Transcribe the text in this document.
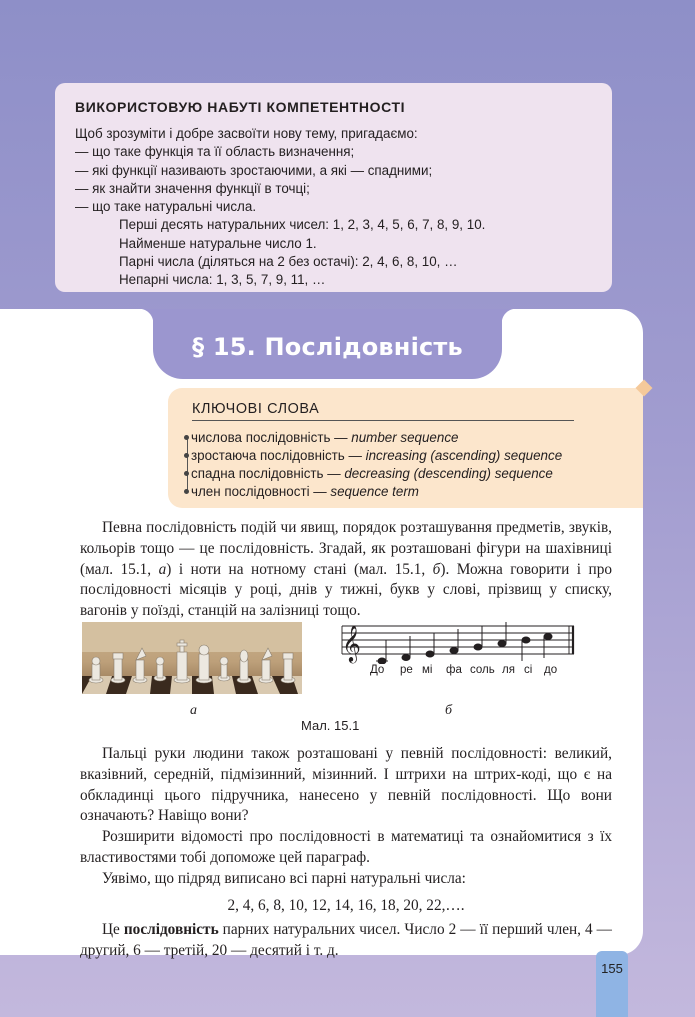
ВИКОРИСТОВУЮ НАБУТІ КОМПЕТЕНТНОСТІ

Щоб зрозуміти і добре засвоїти нову тему, пригадаємо:

— що таке функція та її область визначення;

— які функції називають зростаючими, а які — спадними;

— як знайти значення функції в точці;

— що таке натуральні числа.

Перші десять натуральних чисел: 1, 2, 3, 4, 5, 6, 7, 8, 9, 10.

Найменше натуральне число 1.

Парні числа (діляться на 2 без остачі): 2, 4, 6, 8, 10, …

Непарні числа: 1, 3, 5, 7, 9, 11, …

§ 15. Послідовність
КЛЮЧОВІ СЛОВА
числова послідовність — number sequence
зростаюча послідовність — increasing (ascending) sequence
спадна послідовність — decreasing (descending) sequence
член послідовності — sequence term

Певна послідовність подій чи явищ, порядок розташування предметів, звуків, кольорів тощо — це послідовність. Згадай, як розташовані фігури на шахівниці (мал. 15.1, а) і ноти на нотному стані (мал. 15.1, б). Можна говорити і про послідовності місяців у році, днів у тижні, букв у слові, прізвищ у списку, вагонів у поїзді, станцій на залізниці тощо.

а
𝄞
До ре мі фа соль ля сі до
б
Мал. 15.1

Пальці руки людини також розташовані у певній послідовності: великий, вказівний, середній, підмізинний, мізинний. І штрихи на штрих-коді, що є на обкладинці цього підручника, нанесено у певній послідовності. Що вони означають? Навіщо вони?

Розширити відомості про послідовності в математиці та ознайомитися з їх властивостями тобі допоможе цей параграф.

Уявімо, що підряд виписано всі парні натуральні числа:

2, 4, 6, 8, 10, 12, 14, 16, 18, 20, 22,….

Це послідовність парних натуральних чисел. Число 2 — її перший член, 4 — другий, 6 — третій, 20 — десятий і т. д.

155
